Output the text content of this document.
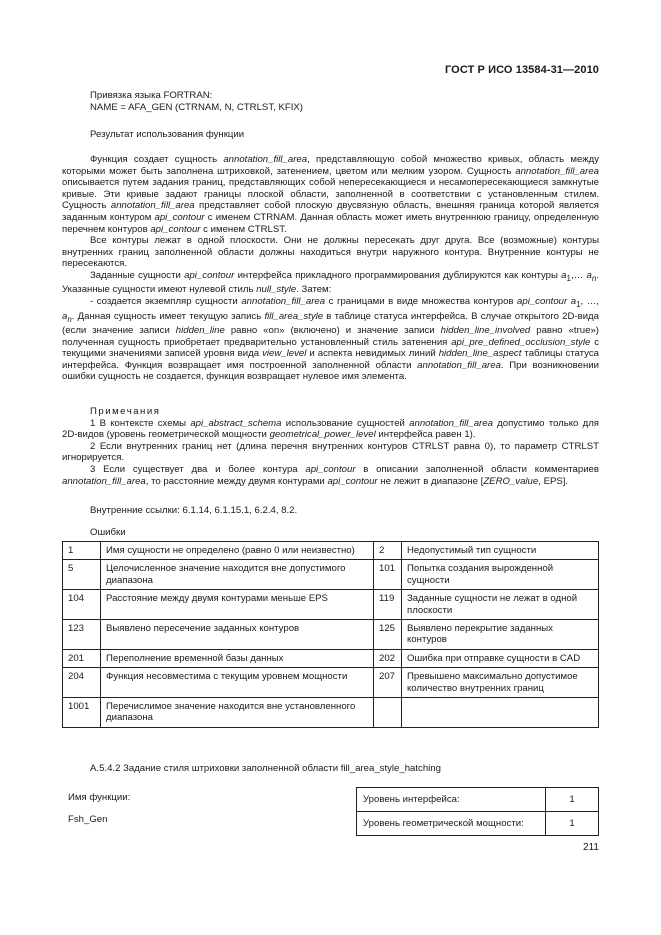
ГОСТ Р ИСО 13584-31—2010

Привязка языка FORTRAN:

NAME = AFA_GEN (CTRNAM, N, CTRLST, KFIX)

Результат использования функции

Функция создает сущность annotation_fill_area, представляющую собой множество кривых, область между которыми может быть заполнена штриховкой, затенением, цветом или мелким узором. Сущность annotation_fill_area описывается путем задания границ, представляющих собой непересекающиеся и несамопересекающиеся замкнутые кривые. Эти кривые задают границы плоской области, заполненной в соответствии с установленным стилем. Сущность annotation_fill_area представляет собой плоскую двусвязную область, внешняя граница которой является заданным контуром api_contour с именем CTRNAM. Данная область может иметь внутреннюю границу, определенную перечнем контуров api_contour с именем CTRLST.

Все контуры лежат в одной плоскости. Они не должны пересекать друг друга. Все (возможные) контуры внутренних границ заполненной области должны находиться внутри наружного контура. Внутренние контуры не пересекаются.

Заданные сущности api_contour интерфейса прикладного программирования дублируются как контуры $a_1,\dots$ $a_n$. Указанные сущности имеют нулевой стиль null_style. Затем:

- создается экземпляр сущности annotation_fill_area с границами в виде множества контуров api_contour $a_1$, …, $a_n$. Данная сущность имеет текущую запись fill_area_style в таблице статуса интерфейса. В случае открытого 2D-вида (если значение записи hidden_line равно «on» (включено) и значение записи hidden_line_involved равно «true») полученная сущность приобретает предварительно установленный стиль затенения api_pre_defined_occlusion_style с текущими значениями записей уровня вида view_level и аспекта невидимых линий hidden_line_aspect таблицы статуса интерфейса. Функция возвращает имя построенной заполненной области annotation_fill_area. При возникновении ошибки сущность не создается, функция возвращает нулевое имя элемента.

Примечания

1 В контексте схемы api_abstract_schema использование сущностей annotation_fill_area допустимо только для 2D-видов (уровень геометрической мощности geometrical_power_level интерфейса равен 1).

2 Если внутренних границ нет (длина перечня внутренних контуров CTRLST равна 0), то параметр CTRLST игнорируется.

3 Если существует два и более контура api_contour в описании заполненной области комментариев annotation_fill_area, то расстояние между двумя контурами api_contour не лежит в диапазоне [ZERO_value, EPS].

Внутренние ссылки: 6.1.14, 6.1.15.1, 6.2.4, 8.2.
Ошибки
1	Имя сущности не определено (равно 0 или неизвестно)	2	Недопустимый тип сущности
5	Целочисленное значение находится вне допустимого диапазона	101	Попытка создания вырожденной сущности
104	Расстояние между двумя контурами меньше EPS	119	Заданные сущности не лежат в одной плоскости
123	Выявлено пересечение заданных контуров	125	Выявлено перекрытие заданных контуров
201	Переполнение временной базы данных	202	Ошибка при отправке сущности в CAD
204	Функция несовместима с текущим уровнем мощности	207	Превышено максимально допустимое количество внутренних границ
1001	Перечислимое значение находится вне установленного диапазона		
A.5.4.2 Задание стиля штриховки заполненной области fill_area_style_hatching
Имя функции:
Fsh_Gen
Уровень интерфейса:	1
Уровень геометрической мощности:	1
211
